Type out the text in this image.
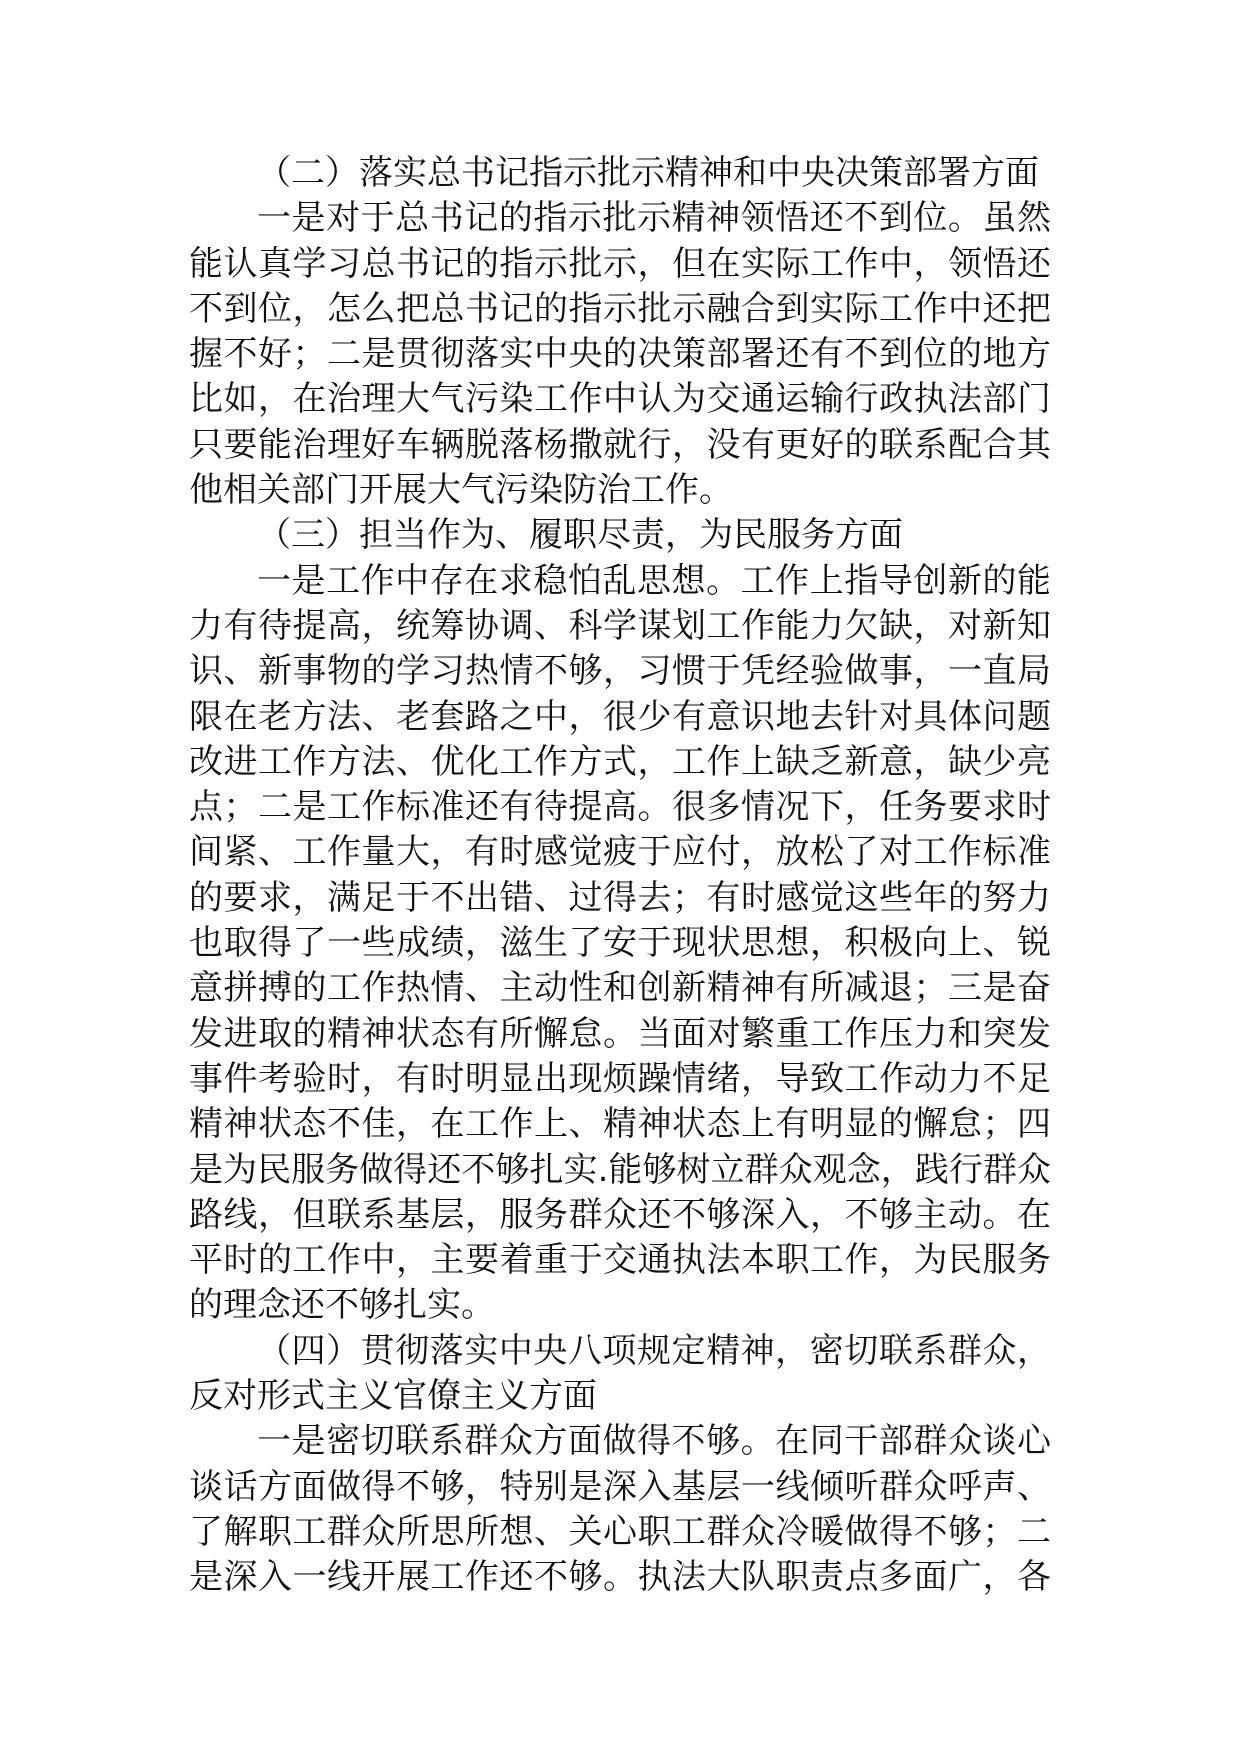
（二）落实总书记指示批示精神和中央决策部署方面
一是对于总书记的指示批示精神领悟还不到位。虽然
能认真学习总书记的指示批示，但在实际工作中，领悟还
不到位，怎么把总书记的指示批示融合到实际工作中还把
握不好；二是贯彻落实中央的决策部署还有不到位的地方
比如，在治理大气污染工作中认为交通运输行政执法部门
只要能治理好车辆脱落杨撒就行，没有更好的联系配合其
他相关部门开展大气污染防治工作。
（三）担当作为、履职尽责，为民服务方面
一是工作中存在求稳怕乱思想。工作上指导创新的能
力有待提高，统筹协调、科学谋划工作能力欠缺，对新知
识、新事物的学习热情不够，习惯于凭经验做事，一直局
限在老方法、老套路之中，很少有意识地去针对具体问题
改进工作方法、优化工作方式，工作上缺乏新意，缺少亮
点；二是工作标准还有待提高。很多情况下，任务要求时
间紧、工作量大，有时感觉疲于应付，放松了对工作标准
的要求，满足于不出错、过得去；有时感觉这些年的努力
也取得了一些成绩，滋生了安于现状思想，积极向上、锐
意拼搏的工作热情、主动性和创新精神有所减退；三是奋
发进取的精神状态有所懈怠。当面对繁重工作压力和突发
事件考验时，有时明显出现烦躁情绪，导致工作动力不足
精神状态不佳，在工作上、精神状态上有明显的懈怠；四
是为民服务做得还不够扎实.能够树立群众观念，践行群众
路线，但联系基层，服务群众还不够深入，不够主动。在
平时的工作中，主要着重于交通执法本职工作，为民服务
的理念还不够扎实。
（四）贯彻落实中央八项规定精神，密切联系群众，
反对形式主义官僚主义方面
一是密切联系群众方面做得不够。在同干部群众谈心
谈话方面做得不够，特别是深入基层一线倾听群众呼声、
了解职工群众所思所想、关心职工群众冷暖做得不够；二
是深入一线开展工作还不够。执法大队职责点多面广，各
